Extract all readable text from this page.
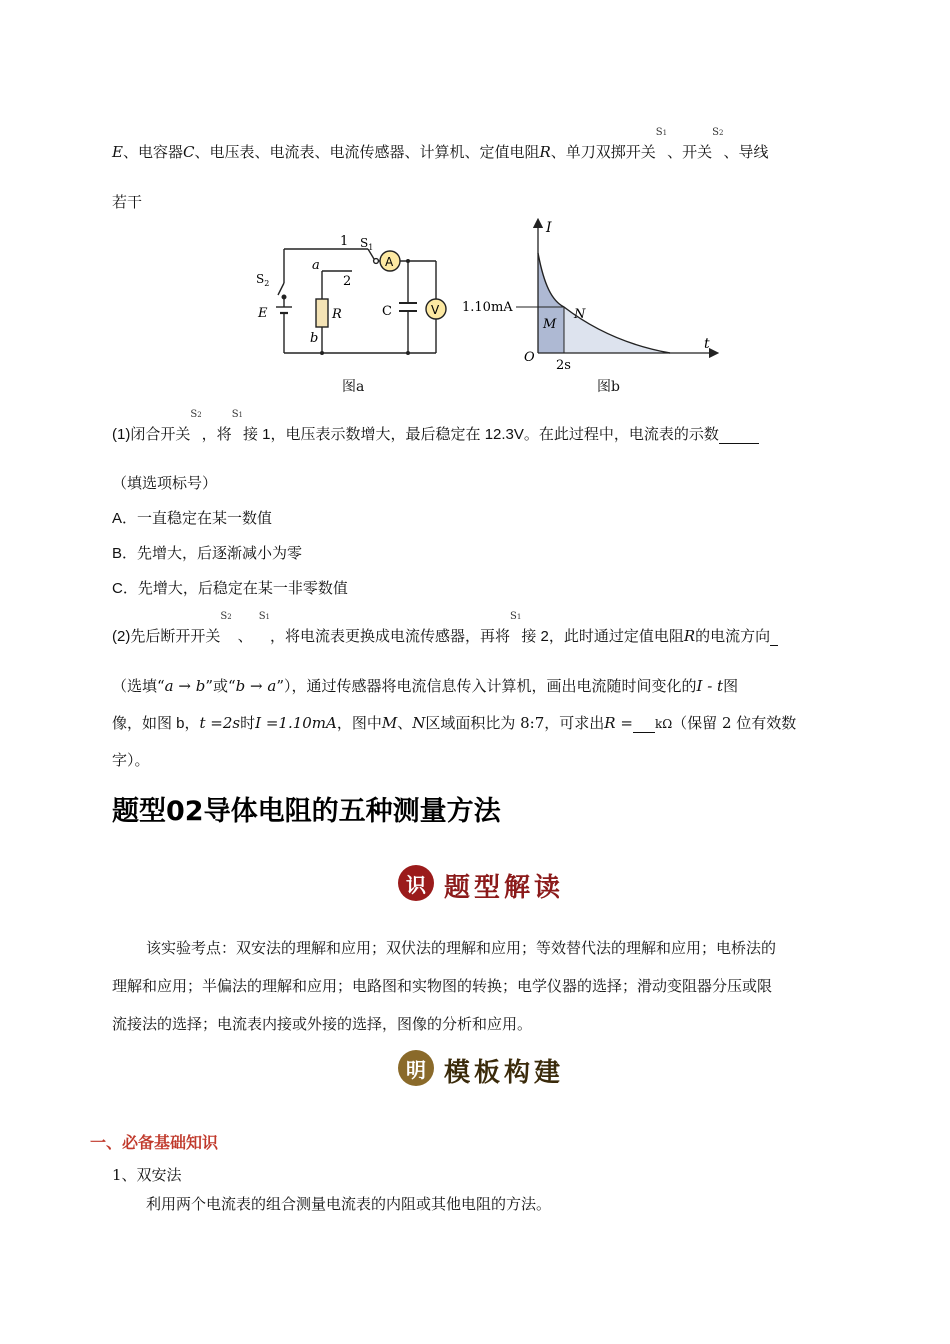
E、电容器C、电压表、电流表、电流传感器、计算机、定值电阻R、单刀双掷开关$^{S1}$、开关$^{S2}$、导线
若干
1 $S_1$
a
2
$S_2$
E	R
b
C
A
V
图a
I
t
O
1.10mA
2s
M
N
图b
(1)闭合开关$^{S2}$，将$^{S1}$接 1，电压表示数增大，最后稳定在 12.3V。在此过程中，电流表的示数
（填选项标号）
A．一直稳定在某一数值
B．先增大，后逐渐减小为零
C．先增大，后稳定在某一非零数值
(2)先后断开开关$^{S2}$、$^{S1}$，将电流表更换成电流传感器，再将$^{S1}$接 2，此时通过定值电阻R的电流方向
（选填“a → b”或“b → a”），通过传感器将电流信息传入计算机，画出电流随时间变化的I - t图
像，如图 b，t =2s时I =1.10mA，图中M、N区域面积比为 8:7，可求出R = kΩ（保留 2 位有效数
字）。
题型02导体电阻的五种测量方法
识 题型解读
该实验考点：双安法的理解和应用；双伏法的理解和应用；等效替代法的理解和应用；电桥法的
理解和应用；半偏法的理解和应用；电路图和实物图的转换；电学仪器的选择；滑动变阻器分压或限
流接法的选择；电流表内接或外接的选择，图像的分析和应用。
明 模板构建
一、必备基础知识
1、双安法
利用两个电流表的组合测量电流表的内阻或其他电阻的方法。
